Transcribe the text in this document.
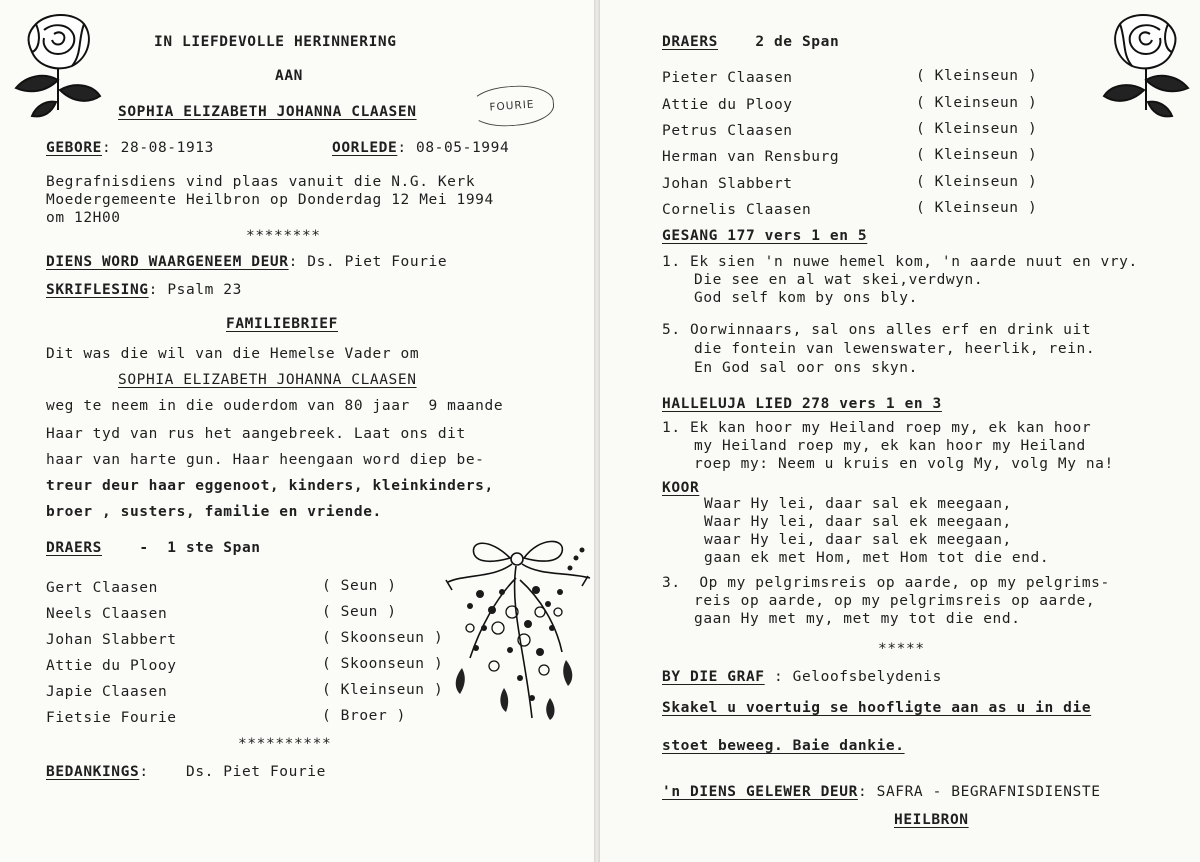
IN LIEFDEVOLLE HERINNERING
AAN
SOPHIA ELIZABETH JOHANNA CLAASEN	FOURIE
GEBORE: 28-08-1913	OORLEDE: 08-05-1994
Begrafnisdiens vind plaas vanuit die N.G. Kerk
Moedergemeente Heilbron op Donderdag 12 Mei 1994
om 12H00
********
DIENS WORD WAARGENEEM DEUR: Ds. Piet Fourie
SKRIFLESING: Psalm 23
FAMILIEBRIEF
Dit was die wil van die Hemelse Vader om
SOPHIA ELIZABETH JOHANNA CLAASEN
weg te neem in die ouderdom van 80 jaar  9 maande
Haar tyd van rus het aangebreek. Laat ons dit
haar van harte gun. Haar heengaan word diep be-
treur deur haar eggenoot, kinders, kleinkinders,
broer , susters, familie en vriende.
DRAERS	-  1 ste Span
Gert Claasen	( Seun )
Neels Claasen	( Seun )
Johan Slabbert	( Skoonseun )
Attie du Plooy	( Skoonseun )
Japie Claasen	( Kleinseun )
Fietsie Fourie	( Broer )
**********
BEDANKINGS:	Ds. Piet Fourie
DRAERS	2 de Span
Pieter Claasen	( Kleinseun )
Attie du Plooy	( Kleinseun )
Petrus Claasen	( Kleinseun )
Herman van Rensburg	( Kleinseun )
Johan Slabbert	( Kleinseun )
Cornelis Claasen	( Kleinseun )
GESANG 177 vers 1 en 5
1. Ek sien 'n nuwe hemel kom, 'n aarde nuut en vry.
Die see en al wat skei,verdwyn.
God self kom by ons bly.
5. Oorwinnaars, sal ons alles erf en drink uit
die fontein van lewenswater, heerlik, rein.
En God sal oor ons skyn.
HALLELUJA LIED 278 vers 1 en 3
1. Ek kan hoor my Heiland roep my, ek kan hoor
my Heiland roep my, ek kan hoor my Heiland
roep my: Neem u kruis en volg My, volg My na!
KOOR
Waar Hy lei, daar sal ek meegaan,
Waar Hy lei, daar sal ek meegaan,
waar Hy lei, daar sal ek meegaan,
gaan ek met Hom, met Hom tot die end.
3.  Op my pelgrimsreis op aarde, op my pelgrims-
reis op aarde, op my pelgrimsreis op aarde,
gaan Hy met my, met my tot die end.
*****
BY DIE GRAF : Geloofsbelydenis
Skakel u voertuig se hoofligte aan as u in die
stoet beweeg. Baie dankie.
'n DIENS GELEWER DEUR: SAFRA - BEGRAFNISDIENSTE
HEILBRON
